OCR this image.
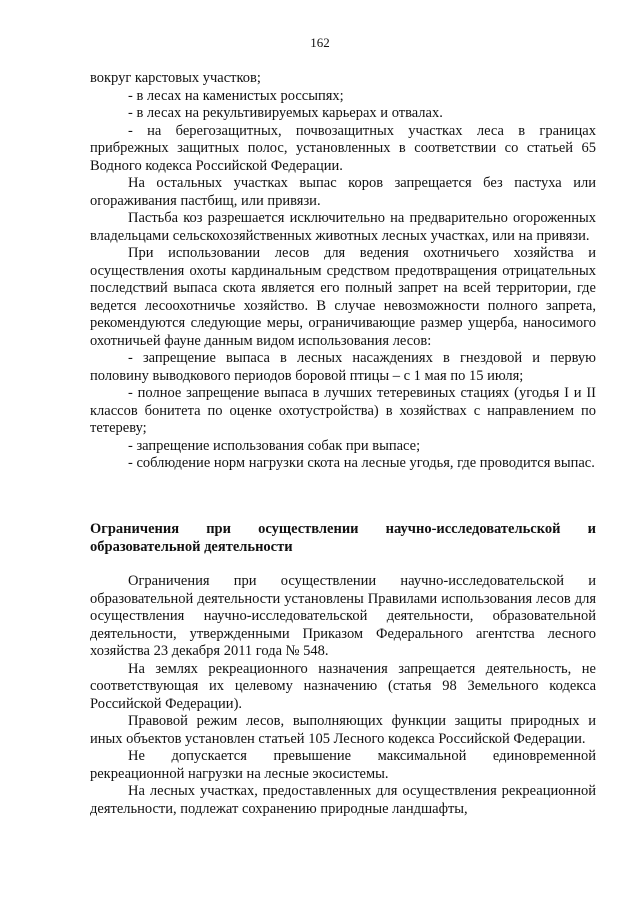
162

вокруг карстовых участков;

- в лесах на каменистых россыпях;

- в лесах на рекультивируемых карьерах и отвалах.

- на берегозащитных, почвозащитных участках леса в границах прибрежных защитных полос, установленных в соответствии со статьей 65 Водного кодекса Российской Федерации.

На остальных участках выпас коров запрещается без пастуха или огораживания пастбищ, или привязи.

Пастьба коз разрешается исключительно на предварительно огороженных владельцами сельскохозяйственных животных лесных участках, или на привязи.

При использовании лесов для ведения охотничьего хозяйства и осуществления охоты кардинальным средством предотвращения отрицательных последствий выпаса скота является его полный запрет на всей территории, где ведется лесоохотничье хозяйство. В случае невозможности полного запрета, рекомендуются следующие меры, ограничивающие размер ущерба, наносимого охотничьей фауне данным видом использования лесов:

- запрещение выпаса в лесных насаждениях в гнездовой и первую половину выводкового периодов боровой птицы – с 1 мая по 15 июля;

- полное запрещение выпаса в лучших тетеревиных стациях (угодья I и II классов бонитета по оценке охотустройства) в хозяйствах с направлением по тетереву;

- запрещение использования собак при выпасе;

- соблюдение норм нагрузки скота на лесные угодья, где проводится выпас.

Ограничения при осуществлении научно-исследовательской и образовательной деятельности

Ограничения при осуществлении научно-исследовательской и образовательной деятельности установлены Правилами использования лесов для осуществления научно-исследовательской деятельности, образовательной деятельности, утвержденными Приказом Федерального агентства лесного хозяйства 23 декабря 2011 года № 548.

На землях рекреационного назначения запрещается деятельность, не соответствующая их целевому назначению (статья 98 Земельного кодекса Российской Федерации).

Правовой режим лесов, выполняющих функции защиты природных и иных объектов установлен статьей 105 Лесного кодекса Российской Федерации.

Не допускается превышение максимальной единовременной рекреационной нагрузки на лесные экосистемы.

На лесных участках, предоставленных для осуществления рекреационной деятельности, подлежат сохранению природные ландшафты,
